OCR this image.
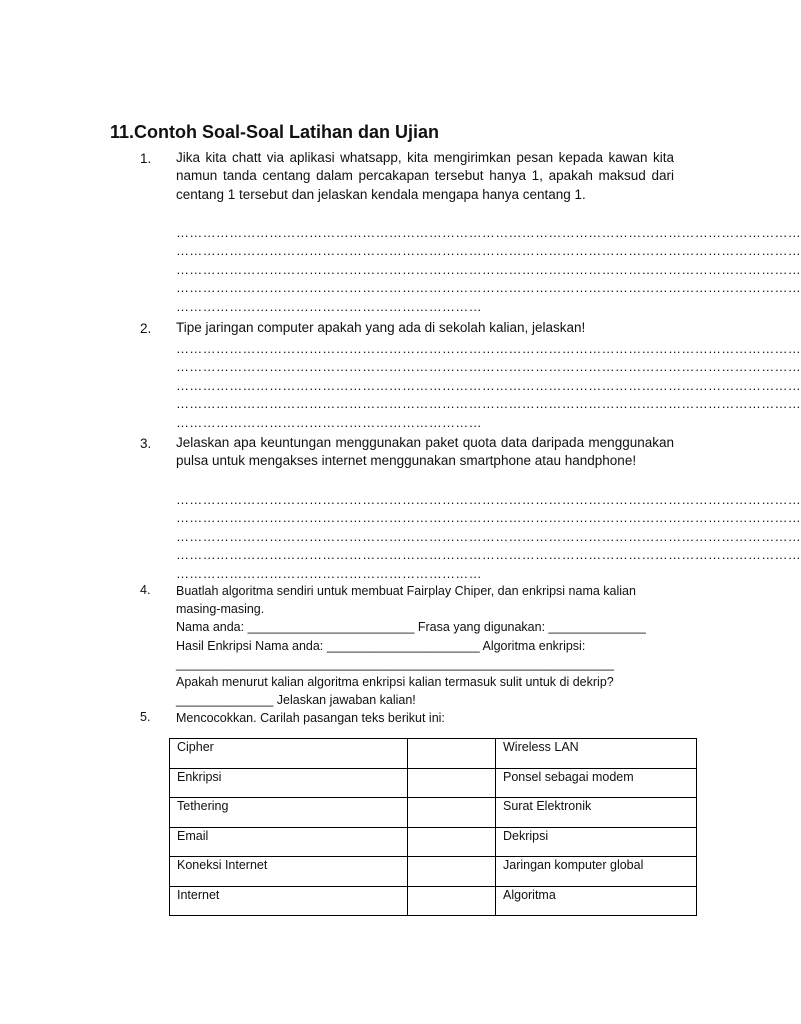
11.Contoh Soal-Soal Latihan dan Ujian
1. Jika kita chatt via aplikasi whatsapp, kita mengirimkan pesan kepada kawan kita namun tanda centang dalam percakapan tersebut hanya 1, apakah maksud dari centang 1 tersebut dan jelaskan kendala mengapa hanya centang 1.
……………………………………………………………………………………………………………………………
……………………………………………………………………………………………………………………………
……………………………………………………………………………………………………………………………
……………………………………………………………………………………………………………………………
……………………………………………………………
2. Tipe jaringan computer apakah yang ada di sekolah kalian, jelaskan!
……………………………………………………………………………………………………………………………
……………………………………………………………………………………………………………………………
……………………………………………………………………………………………………………………………
……………………………………………………………………………………………………………………………
……………………………………………………………
3. Jelaskan apa keuntungan menggunakan paket quota data daripada menggunakan pulsa untuk mengakses internet menggunakan smartphone atau handphone!
……………………………………………………………………………………………………………………………
……………………………………………………………………………………………………………………………
……………………………………………………………………………………………………………………………
……………………………………………………………………………………………………………………………
……………………………………………………………
4. Buatlah algoritma sendiri untuk membuat Fairplay Chiper, dan enkripsi nama kalian
masing-masing.
Nama anda: ________________________ Frasa yang digunakan: ______________
Hasil Enkripsi Nama anda: ______________________ Algoritma enkripsi:
_______________________________________________________________
Apakah menurut kalian algoritma enkripsi kalian termasuk sulit untuk di dekrip?
______________ Jelaskan jawaban kalian!
5. Mencocokkan. Carilah pasangan teks berikut ini:
Cipher		Wireless LAN
Enkripsi		Ponsel sebagai modem
Tethering		Surat Elektronik
Email		Dekripsi
Koneksi Internet		Jaringan komputer global
Internet		Algoritma
